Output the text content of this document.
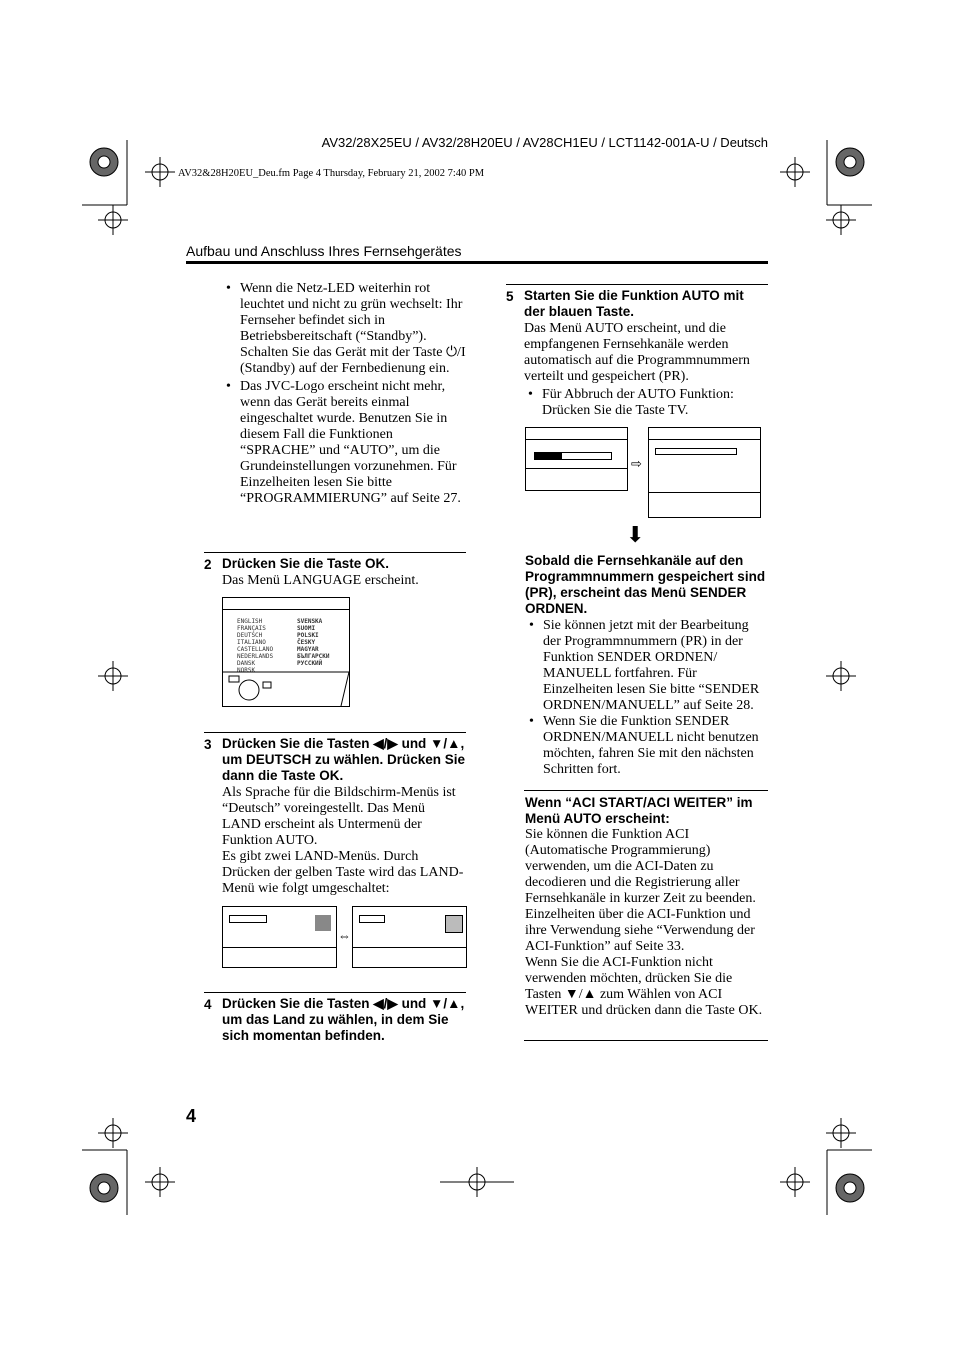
AV32/28X25EU / AV32/28H20EU / AV28CH1EU / LCT1142-001A-U / Deutsch
AV32&28H20EU_Deu.fm Page 4 Thursday, February 21, 2002 7:40 PM
Aufbau und Anschluss Ihres Fernsehgerätes
• Wenn die Netz-LED weiterhin rot leuchtet und nicht zu grün wechselt: Ihr Fernseher befindet sich in Betriebsbereitschaft (“Standby”). Schalten Sie das Gerät mit der Taste ⏻/I (Standby) auf der Fernbedienung ein.
• Das JVC-Logo erscheint nicht mehr, wenn das Gerät bereits einmal eingeschaltet wurde. Benutzen Sie in diesem Fall die Funktionen “SPRACHE” und “AUTO”, um die Grundeinstellungen vorzunehmen. Für Einzelheiten lesen Sie bitte “PROGRAMMIERUNG” auf Seite 27.
2 Drücken Sie die Taste OK.
Das Menü LANGUAGE erscheint.
ENGLISH
FRANÇAIS
DEUTSCH
ITALIANO
CASTELLANO
NEDERLANDS
DANSK
NORSK
SVENSKA
SUOMI
POLSKI
ČESKY
MAGYAR
БЪЛГАРСКИ
РУССКИЙ
3 Drücken Sie die Tasten ◀/▶ und ▼/▲, um DEUTSCH zu wählen. Drücken Sie dann die Taste OK.
Als Sprache für die Bildschirm-Menüs ist “Deutsch” voreingestellt. Das Menü LAND erscheint als Untermenü der Funktion AUTO.
Es gibt zwei LAND-Menüs. Durch Drücken der gelben Taste wird das LAND-Menü wie folgt umgeschaltet:
⇔
4 Drücken Sie die Tasten ◀/▶ und ▼/▲, um das Land zu wählen, in dem Sie sich momentan befinden.
5 Starten Sie die Funktion AUTO mit der blauen Taste.
Das Menü AUTO erscheint, und die empfangenen Fernsehkanäle werden automatisch auf die Programmnummern verteilt und gespeichert (PR).
• Für Abbruch der AUTO Funktion: Drücken Sie die Taste TV.
⇨
⬇
Sobald die Fernsehkanäle auf den Programmnummern gespeichert sind (PR), erscheint das Menü SENDER ORDNEN.
• Sie können jetzt mit der Bearbeitung der Programmnummern (PR) in der Funktion SENDER ORDNEN/ MANUELL fortfahren. Für Einzelheiten lesen Sie bitte “SENDER ORDNEN/MANUELL” auf Seite 28.
• Wenn Sie die Funktion SENDER ORDNEN/MANUELL nicht benutzen möchten, fahren Sie mit den nächsten Schritten fort.
Wenn “ACI START/ACI WEITER” im Menü AUTO erscheint:
Sie können die Funktion ACI (Automatische Programmierung) verwenden, um die ACI-Daten zu decodieren und die Registrierung aller Fernsehkanäle in kurzer Zeit zu beenden. Einzelheiten über die ACI-Funktion und ihre Verwendung siehe “Verwendung der ACI-Funktion” auf Seite 33.
Wenn Sie die ACI-Funktion nicht verwenden möchten, drücken Sie die Tasten ▼/▲ zum Wählen von ACI WEITER und drücken dann die Taste OK.
4
